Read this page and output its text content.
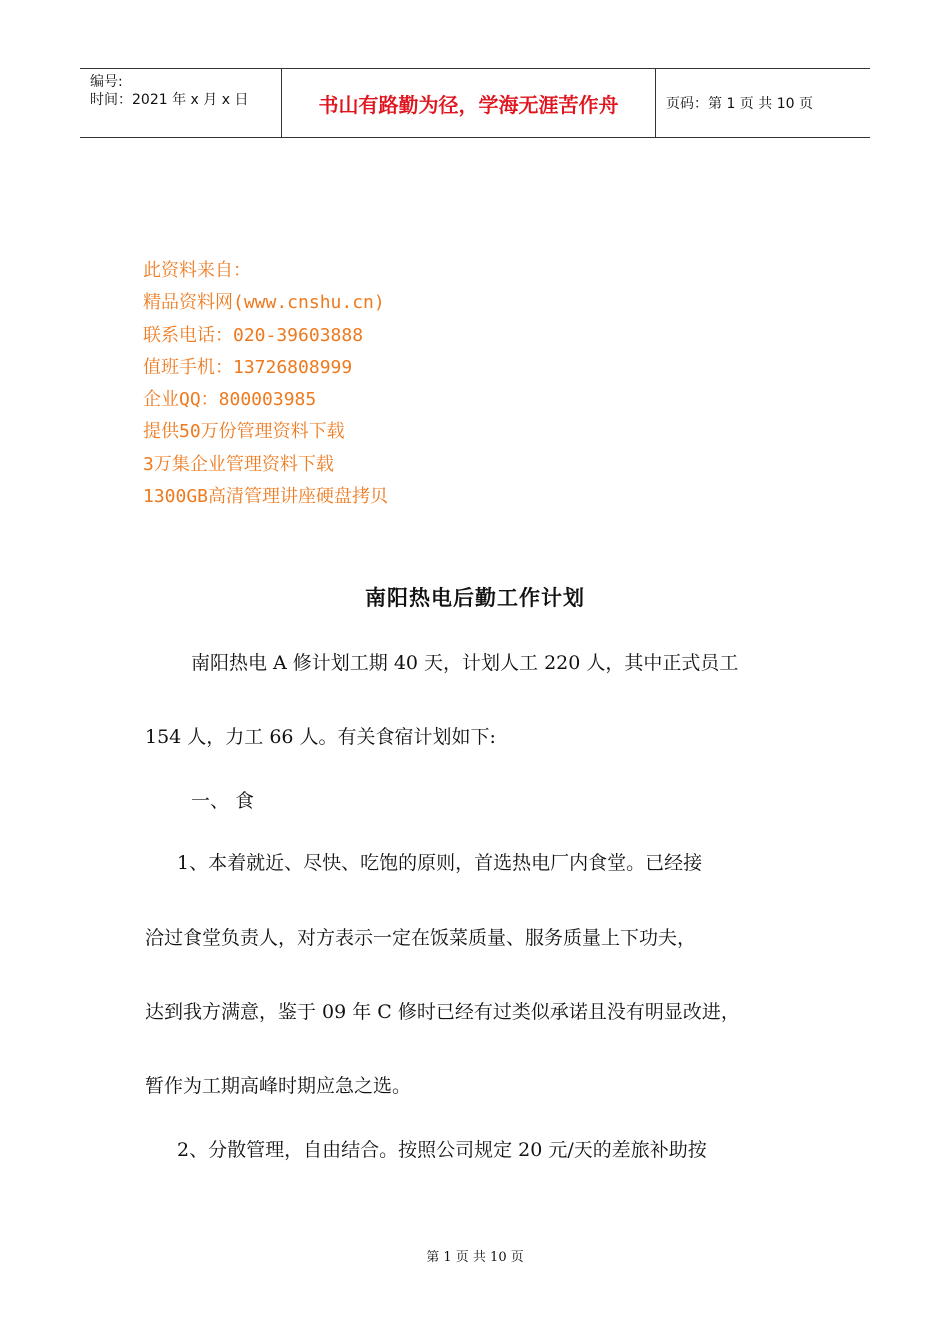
编号:
时间：2021 年 x 月 x 日	书山有路勤为径，学海无涯苦作舟	页码：第 1 页 共 10 页
此资料来自：
精品资料网(www.cnshu.cn)
联系电话：020-39603888
值班手机：13726808999
企业QQ：800003985
提供50万份管理资料下载
3万集企业管理资料下载
1300GB高清管理讲座硬盘拷贝
南阳热电后勤工作计划
南阳热电 A 修计划工期 40 天，计划人工 220 人，其中正式员工
154 人，力工 66 人。有关食宿计划如下:
一、 食
1、本着就近、尽快、吃饱的原则，首选热电厂内食堂。已经接
洽过食堂负责人，对方表示一定在饭菜质量、服务质量上下功夫，
达到我方满意，鉴于 09 年 C 修时已经有过类似承诺且没有明显改进，
暂作为工期高峰时期应急之选。
2、分散管理，自由结合。按照公司规定 20 元/天的差旅补助按
第 1 页 共 10 页
